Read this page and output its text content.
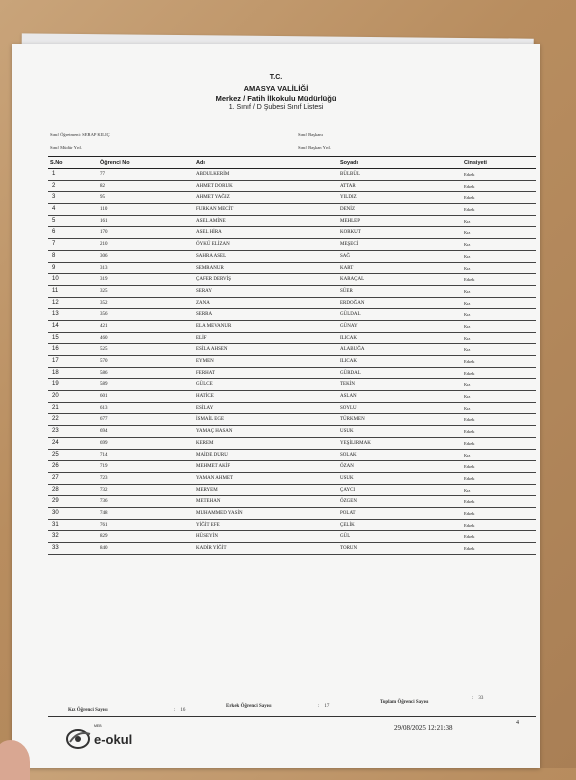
T.C.
AMASYA VALİLİĞİ
Merkez / Fatih İlkokulu Müdürlüğü
1. Sınıf / D Şubesi Sınıf Listesi
Sınıf Öğretmeni: SERAP KILIÇ	Sınıf Başkanı
Sınıf Müdür Yrd.	Sınıf Başkan Yrd.
S.No	Öğrenci No	Adı	Soyadı	Cinsiyeti
1	77	ABDULKERİM	BÜLBÜL	Erkek
2	82	AHMET DORUK	ATTAR	Erkek
3	95	AHMET YAĞIZ	YILDIZ	Erkek
4	110	FURKAN MECİT	DENİZ	Erkek
5	161	ASEL AMİNE	MEHLEP	Kız
6	170	ASEL HİRA	KORKUT	Kız
7	210	ÖYKÜ ELİZAN	MEŞECİ	Kız
8	306	SAHRA ASEL	SAĞ	Kız
9	313	SEMRANUR	KART	Kız
10	319	ÇAFER DERVİŞ	KARAÇAL	Erkek
11	325	SERAY	SÜER	Kız
12	352	ZANA	ERDOĞAN	Kız
13	356	SERRA	GÜLDAL	Kız
14	421	ELA MEVANUR	GÜNAY	Kız
15	460	ELİF	ILICAK	Kız
16	525	ESİLA AHSEN	ALABUĞA	Kız
17	570	EYMEN	ILICAK	Erkek
18	586	FERHAT	GÜRDAL	Erkek
19	589	GÜLCE	TEKİN	Kız
20	601	HATİCE	ASLAN	Kız
21	613	ESİLAY	SOYLU	Kız
22	677	İSMAİL EGE	TÜRKMEN	Erkek
23	694	YAMAÇ HASAN	USUK	Erkek
24	699	KEREM	YEŞİLIRMAK	Erkek
25	714	MAİDE DURU	SOLAK	Kız
26	719	MEHMET AKİF	ÖZAN	Erkek
27	723	YAMAN AHMET	USUK	Erkek
28	732	MERYEM	ÇAYCI	Kız
29	736	METEHAN	ÖZGEN	Erkek
30	748	MUHAMMED YASİN	POLAT	Erkek
31	761	YİĞİT EFE	ÇELİK	Erkek
32	829	HÜSEYİN	GÜL	Erkek
33	840	KADİR YİĞİT	TORUN	Erkek
Kız Öğrenci Sayısı	:    16
Erkek Öğrenci Sayısı	:    17
Toplam Öğrenci Sayısı
:    33
29/08/2025 12:21:38
4
MEB
e-okul
